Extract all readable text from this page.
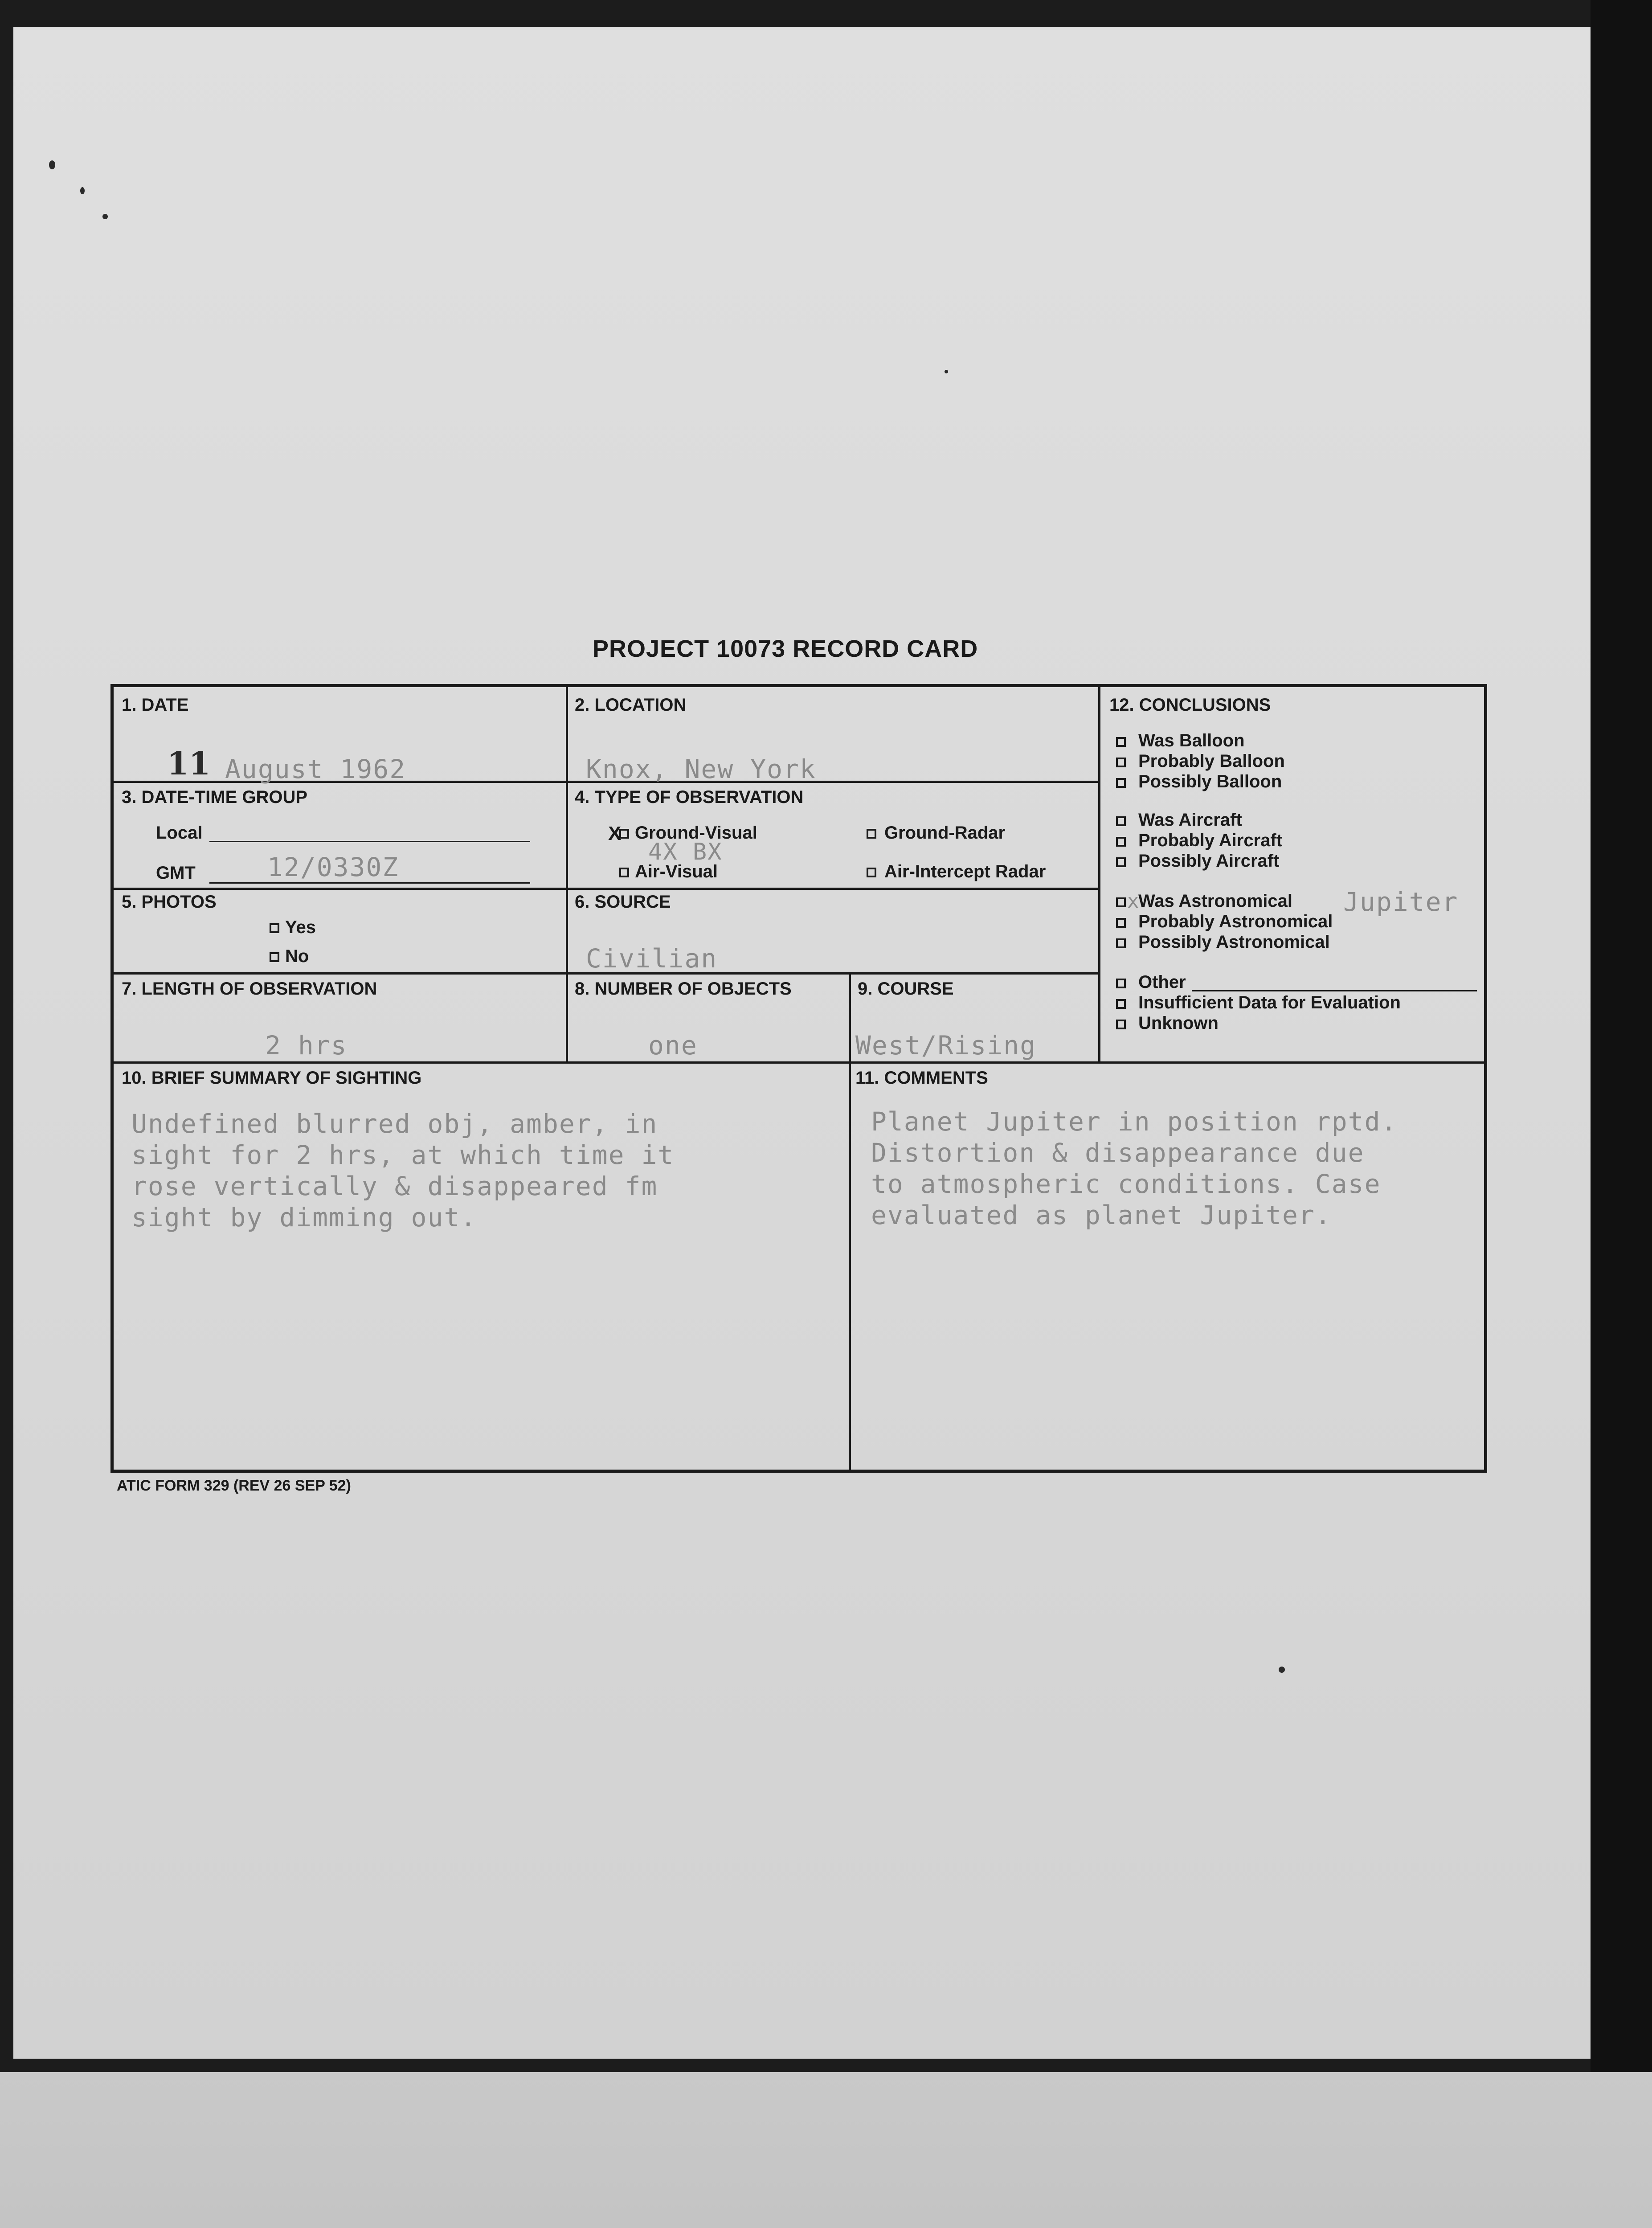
PROJECT 10073 RECORD CARD
1. DATE
11 August 1962
2. LOCATION
Knox, New York
3. DATE-TIME GROUP
Local
GMT	12/0330Z
4. TYPE OF OBSERVATION
X Ground-Visual
4X BX
Air-Visual
Ground-Radar
Air-Intercept Radar
5. PHOTOS
Yes
No
6. SOURCE
Civilian
7. LENGTH OF OBSERVATION
2 hrs
8. NUMBER OF OBJECTS
one
9. COURSE
West/Rising
10. BRIEF SUMMARY OF SIGHTING
Undefined blurred obj, amber, in
sight for 2 hrs, at which time it
rose vertically & disappeared fm
sight by dimming out.
11. COMMENTS
Planet Jupiter in position rptd.
Distortion & disappearance due
to atmospheric conditions. Case
evaluated as planet Jupiter.
12. CONCLUSIONS
Was Balloon
Probably Balloon
Possibly Balloon
Was Aircraft
Probably Aircraft
Possibly Aircraft
x
Was Astronomical Jupiter
Probably Astronomical
Possibly Astronomical
Other
Insufficient Data for Evaluation
Unknown
ATIC FORM 329 (REV 26 SEP 52)
